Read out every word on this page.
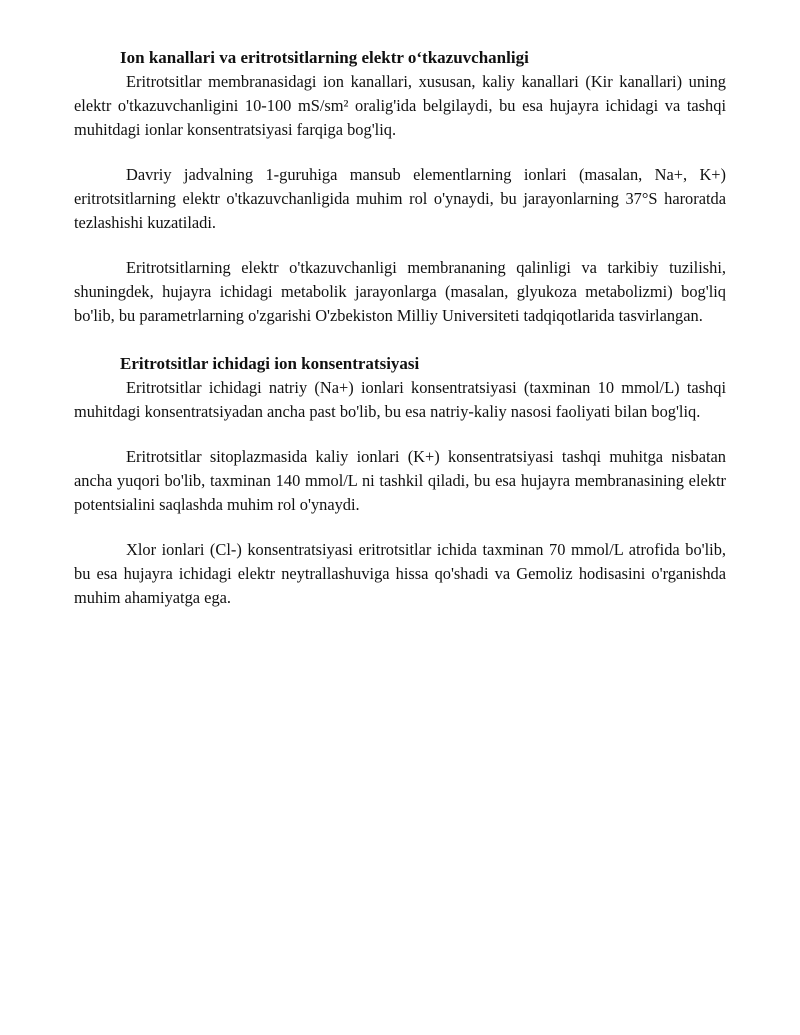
Ion kanallari va eritrotsitlarning elektr o‘tkazuvchanligi

Eritrotsitlar membranasidagi ion kanallari, xususan, kaliy kanallari (Kir kanallari) uning elektr o'tkazuvchanligini 10-100 mS/sm² oralig'ida belgilaydi, bu esa hujayra ichidagi va tashqi muhitdagi ionlar konsentratsiyasi farqiga bog'liq.

Davriy jadvalning 1-guruhiga mansub elementlarning ionlari (masalan, Na+, K+) eritrotsitlarning elektr o'tkazuvchanligida muhim rol o'ynaydi, bu jarayonlarning 37°S haroratda tezlashishi kuzatiladi.

Eritrotsitlarning elektr o'tkazuvchanligi membrananing qalinligi va tarkibiy tuzilishi, shuningdek, hujayra ichidagi metabolik jarayonlarga (masalan, glyukoza metabolizmi) bog'liq bo'lib, bu parametrlarning o'zgarishi O'zbekiston Milliy Universiteti tadqiqotlarida tasvirlangan.

Eritrotsitlar ichidagi ion konsentratsiyasi

Eritrotsitlar ichidagi natriy (Na+) ionlari konsentratsiyasi (taxminan 10 mmol/L) tashqi muhitdagi konsentratsiyadan ancha past bo'lib, bu esa natriy-kaliy nasosi faoliyati bilan bog'liq.

Eritrotsitlar sitoplazmasida kaliy ionlari (K+) konsentratsiyasi tashqi muhitga nisbatan ancha yuqori bo'lib, taxminan 140 mmol/L ni tashkil qiladi, bu esa hujayra membranasining elektr potentsialini saqlashda muhim rol o'ynaydi.

Xlor ionlari (Cl-) konsentratsiyasi eritrotsitlar ichida taxminan 70 mmol/L atrofida bo'lib, bu esa hujayra ichidagi elektr neytrallashuviga hissa qo'shadi va Gemoliz hodisasini o'rganishda muhim ahamiyatga ega.
